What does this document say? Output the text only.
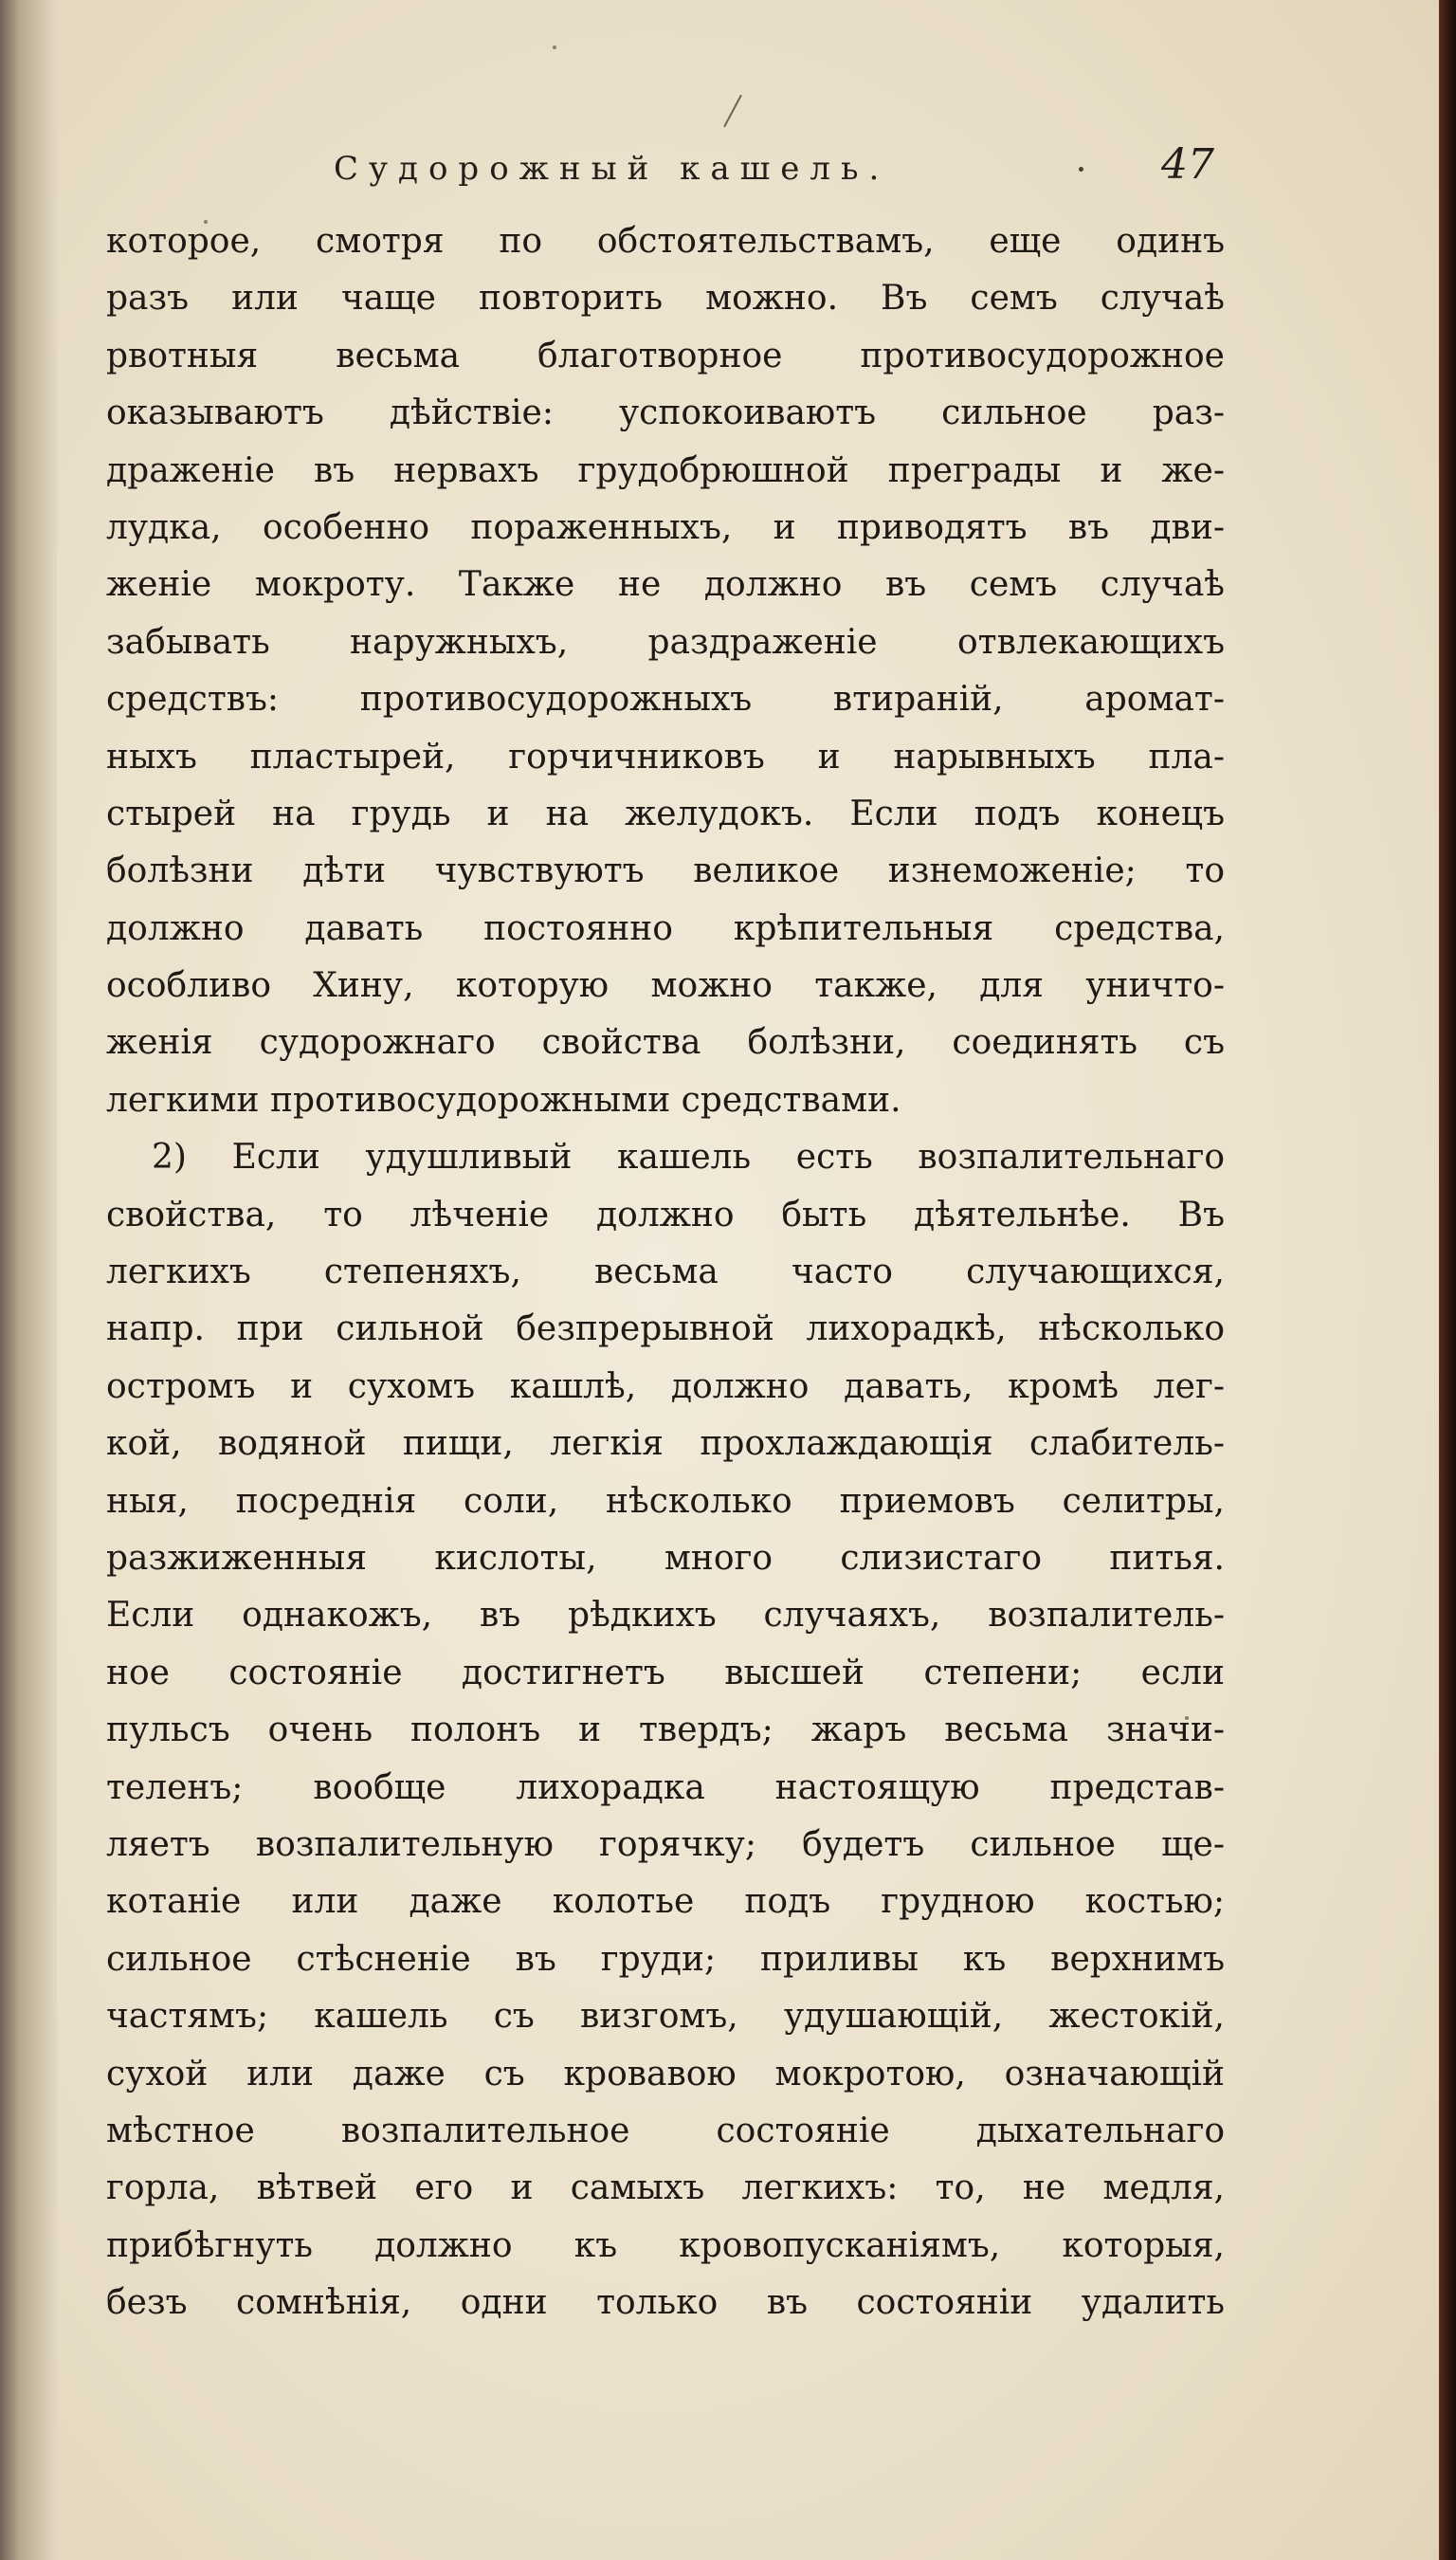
Судорожный кашель.	47
которое, смотря по обстоятельствамъ, еще одинъ
разъ или чаще повторить можно. Въ семъ случаѣ
рвотныя весьма благотворное противосудорожное
оказываютъ дѣйствіе: успокоиваютъ сильное раз-
драженіе въ нервахъ грудобрюшной преграды и же-
лудка, особенно пораженныхъ, и приводятъ въ дви-
женіе мокроту. Также не должно въ семъ случаѣ
забывать наружныхъ, раздраженіе отвлекающихъ
средствъ: противосудорожныхъ втираній, аромат-
ныхъ пластырей, горчичниковъ и нарывныхъ пла-
стырей на грудь и на желудокъ. Если подъ конецъ
болѣзни дѣти чувствуютъ великое изнеможеніе; то
должно давать постоянно крѣпительныя средства,
особливо Хину, которую можно также, для уничто-
женія судорожнаго свойства болѣзни, соединять съ
легкими противосудорожными средствами.
2) Если удушливый кашель есть возпалительнаго
свойства, то лѣченіе должно быть дѣятельнѣе. Въ
легкихъ степеняхъ, весьма часто случающихся,
напр. при сильной безпрерывной лихорадкѣ, нѣсколько
остромъ и сухомъ кашлѣ, должно давать, кромѣ лег-
кой, водяной пищи, легкія прохлаждающія слабитель-
ныя, посреднія соли, нѣсколько приемовъ селитры,
разжиженныя кислоты, много слизистаго питья.
Если однакожъ, въ рѣдкихъ случаяхъ, возпалитель-
ное состояніе достигнетъ высшей степени; если
пульсъ очень полонъ и твердъ; жаръ весьма значи-
теленъ; вообще лихорадка настоящую представ-
ляетъ возпалительную горячку; будетъ сильное ще-
котаніе или даже колотье подъ грудною костью;
сильное стѣсненіе въ груди; приливы къ верхнимъ
частямъ; кашель съ визгомъ, удушающій, жестокій,
сухой или даже съ кровавою мокротою, означающій
мѣстное возпалительное состояніе дыхательнаго
горла, вѣтвей его и самыхъ легкихъ: то, не медля,
прибѣгнуть должно къ кровопусканіямъ, которыя,
безъ сомнѣнія, одни только въ состояніи удалить
